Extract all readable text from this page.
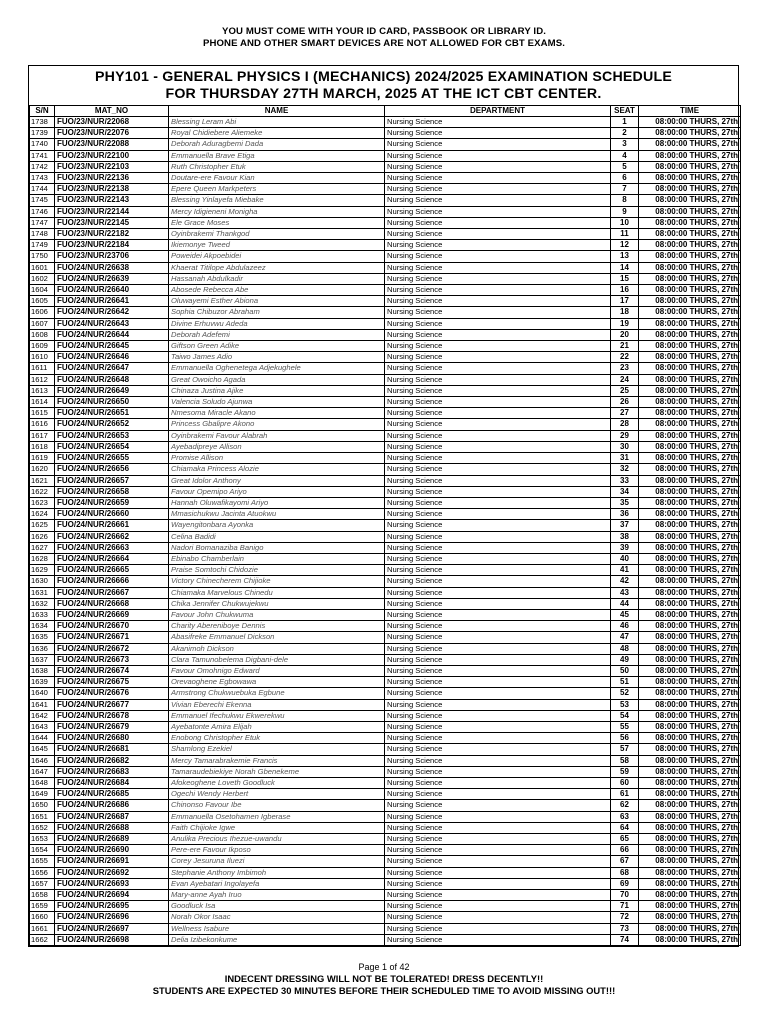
YOU MUST COME WITH YOUR ID CARD, PASSBOOK OR LIBRARY ID.
PHONE AND OTHER SMART DEVICES ARE NOT ALLOWED FOR CBT EXAMS.
PHY101 - GENERAL PHYSICS I (MECHANICS) 2024/2025 EXAMINATION SCHEDULE
FOR THURSDAY 27TH MARCH, 2025 AT THE ICT CBT CENTER.
S/N	MAT_NO	NAME	DEPARTMENT	SEAT	TIME
1738	FUO/23/NUR/22068	Blessing Leram Abi	Nursing Science	1	08:00:00 THURS, 27th
1739	FUO/23/NUR/22076	Royal Chidiebere Aliemeke	Nursing Science	2	08:00:00 THURS, 27th
1740	FUO/23/NUR/22088	Deborah Aduragbemi Dada	Nursing Science	3	08:00:00 THURS, 27th
1741	FUO/23/NUR/22100	Emmanuella Brave Etiga	Nursing Science	4	08:00:00 THURS, 27th
1742	FUO/23/NUR/22103	Ruth Christopher Etuk	Nursing Science	5	08:00:00 THURS, 27th
1743	FUO/23/NUR/22136	Doutare-ere Favour Kian	Nursing Science	6	08:00:00 THURS, 27th
1744	FUO/23/NUR/22138	Epere Queen Markpeters	Nursing Science	7	08:00:00 THURS, 27th
1745	FUO/23/NUR/22143	Blessing Yinlayefa Miebake	Nursing Science	8	08:00:00 THURS, 27th
1746	FUO/23/NUR/22144	Mercy Idigieneni Monigha	Nursing Science	9	08:00:00 THURS, 27th
1747	FUO/23/NUR/22145	Ele Grace Moses	Nursing Science	10	08:00:00 THURS, 27th
1748	FUO/23/NUR/22182	Oyinbrakemi Thankgod	Nursing Science	11	08:00:00 THURS, 27th
1749	FUO/23/NUR/22184	Ikiemonye Tweed	Nursing Science	12	08:00:00 THURS, 27th
1750	FUO/23/NUR/23706	Poweidei Akpoebidei	Nursing Science	13	08:00:00 THURS, 27th
1601	FUO/24/NUR/26638	Khaerat Titilope Abdulazeez	Nursing Science	14	08:00:00 THURS, 27th
1602	FUO/24/NUR/26639	Hassanah Abdulkadir	Nursing Science	15	08:00:00 THURS, 27th
1604	FUO/24/NUR/26640	Abosede Rebecca Abe	Nursing Science	16	08:00:00 THURS, 27th
1605	FUO/24/NUR/26641	Oluwayemi Esther Abiona	Nursing Science	17	08:00:00 THURS, 27th
1606	FUO/24/NUR/26642	Sophia Chibuzor Abraham	Nursing Science	18	08:00:00 THURS, 27th
1607	FUO/24/NUR/26643	Divine Erhuvwu Adeda	Nursing Science	19	08:00:00 THURS, 27th
1608	FUO/24/NUR/26644	Deborah Adefemi	Nursing Science	20	08:00:00 THURS, 27th
1609	FUO/24/NUR/26645	Giftson Green Adike	Nursing Science	21	08:00:00 THURS, 27th
1610	FUO/24/NUR/26646	Taiwo James Adio	Nursing Science	22	08:00:00 THURS, 27th
1611	FUO/24/NUR/26647	Emmanuella Oghenetega Adjekughele	Nursing Science	23	08:00:00 THURS, 27th
1612	FUO/24/NUR/26648	Great Owoicho Agada	Nursing Science	24	08:00:00 THURS, 27th
1613	FUO/24/NUR/26649	Chinaza Justina Ajike	Nursing Science	25	08:00:00 THURS, 27th
1614	FUO/24/NUR/26650	Valencia Soludo Ajunwa	Nursing Science	26	08:00:00 THURS, 27th
1615	FUO/24/NUR/26651	Nmesoma Miracle Akano	Nursing Science	27	08:00:00 THURS, 27th
1616	FUO/24/NUR/26652	Princess Gbalipre Akono	Nursing Science	28	08:00:00 THURS, 27th
1617	FUO/24/NUR/26653	Oyinbrakemi Favour Alabrah	Nursing Science	29	08:00:00 THURS, 27th
1618	FUO/24/NUR/26654	Ayebadipreye Allison	Nursing Science	30	08:00:00 THURS, 27th
1619	FUO/24/NUR/26655	Promise Allison	Nursing Science	31	08:00:00 THURS, 27th
1620	FUO/24/NUR/26656	Chiamaka Princess Alozie	Nursing Science	32	08:00:00 THURS, 27th
1621	FUO/24/NUR/26657	Great Idolor Anthony	Nursing Science	33	08:00:00 THURS, 27th
1622	FUO/24/NUR/26658	Favour Opemipo Ariyo	Nursing Science	34	08:00:00 THURS, 27th
1623	FUO/24/NUR/26659	Hannah Oluwafikayomi Ariyo	Nursing Science	35	08:00:00 THURS, 27th
1624	FUO/24/NUR/26660	Mmasichukwu Jacinta Atuokwu	Nursing Science	36	08:00:00 THURS, 27th
1625	FUO/24/NUR/26661	Wayengitonbara Ayonka	Nursing Science	37	08:00:00 THURS, 27th
1626	FUO/24/NUR/26662	Celina Badidi	Nursing Science	38	08:00:00 THURS, 27th
1627	FUO/24/NUR/26663	Nadori Bomanaziba Banigo	Nursing Science	39	08:00:00 THURS, 27th
1628	FUO/24/NUR/26664	Ebinabo Chamberlain	Nursing Science	40	08:00:00 THURS, 27th
1629	FUO/24/NUR/26665	Praise Somtochi Chidozie	Nursing Science	41	08:00:00 THURS, 27th
1630	FUO/24/NUR/26666	Victory Chinecherem Chijioke	Nursing Science	42	08:00:00 THURS, 27th
1631	FUO/24/NUR/26667	Chiamaka Marvelous Chinedu	Nursing Science	43	08:00:00 THURS, 27th
1632	FUO/24/NUR/26668	Chika Jennifer Chukwujekwu	Nursing Science	44	08:00:00 THURS, 27th
1633	FUO/24/NUR/26669	Favour John Chukwuma	Nursing Science	45	08:00:00 THURS, 27th
1634	FUO/24/NUR/26670	Charity Abereniboye Dennis	Nursing Science	46	08:00:00 THURS, 27th
1635	FUO/24/NUR/26671	Abasifreke Emmanuel Dickson	Nursing Science	47	08:00:00 THURS, 27th
1636	FUO/24/NUR/26672	Akanimoh Dickson	Nursing Science	48	08:00:00 THURS, 27th
1637	FUO/24/NUR/26673	Clara Tamunobelema Digbani-dele	Nursing Science	49	08:00:00 THURS, 27th
1638	FUO/24/NUR/26674	Favour Omohnigo Edward	Nursing Science	50	08:00:00 THURS, 27th
1639	FUO/24/NUR/26675	Orevaoghene Egbowawa	Nursing Science	51	08:00:00 THURS, 27th
1640	FUO/24/NUR/26676	Armstrong Chukwuebuka Egbune	Nursing Science	52	08:00:00 THURS, 27th
1641	FUO/24/NUR/26677	Vivian Eberechi Ekenna	Nursing Science	53	08:00:00 THURS, 27th
1642	FUO/24/NUR/26678	Emmanuel Ifechukwu Ekwerekwu	Nursing Science	54	08:00:00 THURS, 27th
1643	FUO/24/NUR/26679	Ayebatonte Amira Elijah	Nursing Science	55	08:00:00 THURS, 27th
1644	FUO/24/NUR/26680	Enobong Christopher Etuk	Nursing Science	56	08:00:00 THURS, 27th
1645	FUO/24/NUR/26681	Shamlong Ezekiel	Nursing Science	57	08:00:00 THURS, 27th
1646	FUO/24/NUR/26682	Mercy Tamarabrakemie Francis	Nursing Science	58	08:00:00 THURS, 27th
1647	FUO/24/NUR/26683	Tamaraudebiekiye Norah Gbenekeme	Nursing Science	59	08:00:00 THURS, 27th
1648	FUO/24/NUR/26684	Afokeoghene Loveth Goodluck	Nursing Science	60	08:00:00 THURS, 27th
1649	FUO/24/NUR/26685	Ogechi Wendy Herbert	Nursing Science	61	08:00:00 THURS, 27th
1650	FUO/24/NUR/26686	Chinonso Favour Ibe	Nursing Science	62	08:00:00 THURS, 27th
1651	FUO/24/NUR/26687	Emmanuella Osetohamen Igberase	Nursing Science	63	08:00:00 THURS, 27th
1652	FUO/24/NUR/26688	Faith Chijioke Igwe	Nursing Science	64	08:00:00 THURS, 27th
1653	FUO/24/NUR/26689	Anulika Precious Ihezue-uwandu	Nursing Science	65	08:00:00 THURS, 27th
1654	FUO/24/NUR/26690	Pere-ere Favour Ikposo	Nursing Science	66	08:00:00 THURS, 27th
1655	FUO/24/NUR/26691	Corey Jesuruna Iluezi	Nursing Science	67	08:00:00 THURS, 27th
1656	FUO/24/NUR/26692	Stephanie Anthony Imbimoh	Nursing Science	68	08:00:00 THURS, 27th
1657	FUO/24/NUR/26693	Evan Ayebatari Ingolayefa	Nursing Science	69	08:00:00 THURS, 27th
1658	FUO/24/NUR/26694	Mary-anne Ayah Iruo	Nursing Science	70	08:00:00 THURS, 27th
1659	FUO/24/NUR/26695	Goodluck Isa	Nursing Science	71	08:00:00 THURS, 27th
1660	FUO/24/NUR/26696	Norah Okor Isaac	Nursing Science	72	08:00:00 THURS, 27th
1661	FUO/24/NUR/26697	Wellness Isabure	Nursing Science	73	08:00:00 THURS, 27th
1662	FUO/24/NUR/26698	Delia Izibekonkume	Nursing Science	74	08:00:00 THURS, 27th
Page 1 of 42
INDECENT DRESSING WILL NOT BE TOLERATED! DRESS DECENTLY!!
STUDENTS ARE EXPECTED 30 MINUTES BEFORE THEIR SCHEDULED TIME TO AVOID MISSING OUT!!!
